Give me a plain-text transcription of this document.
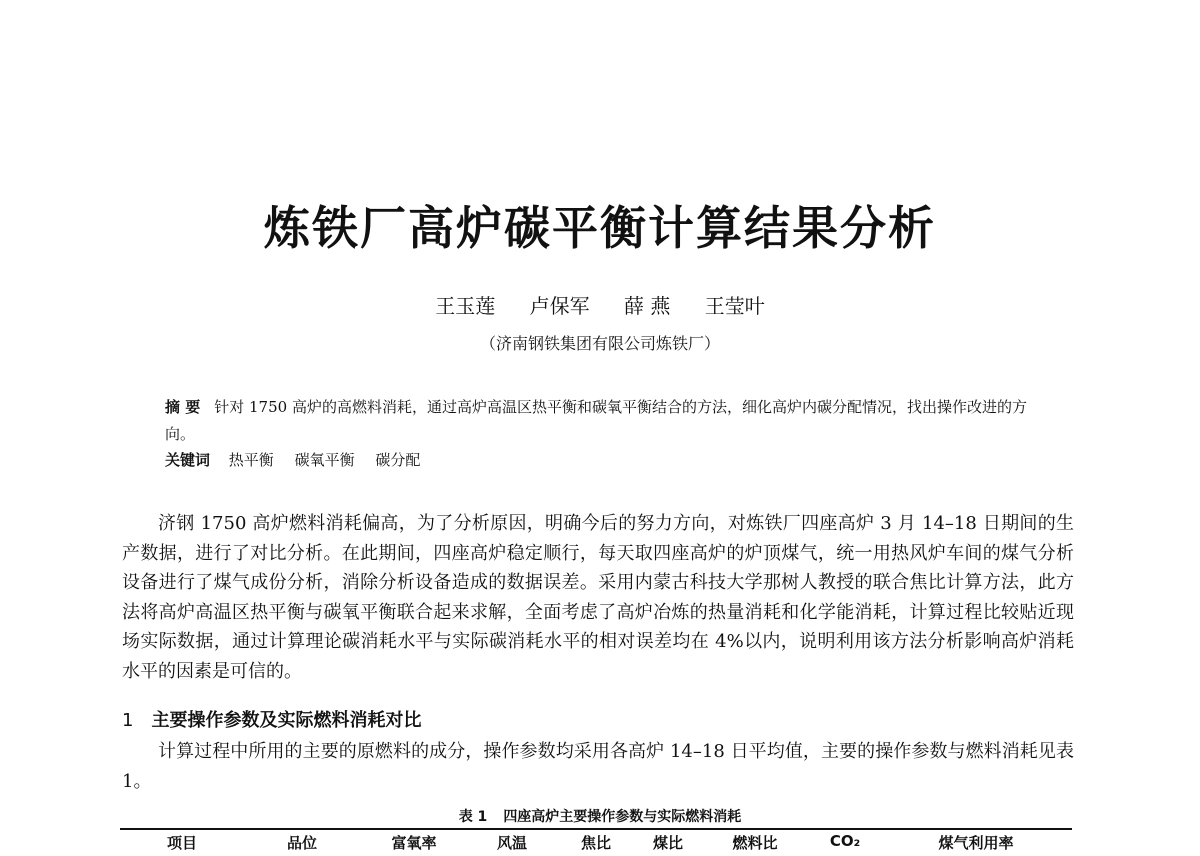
炼铁厂高炉碳平衡计算结果分析
王玉莲 卢保军 薛 燕 王莹叶
（济南钢铁集团有限公司炼铁厂）
摘 要 针对 1750 高炉的高燃料消耗，通过高炉高温区热平衡和碳氧平衡结合的方法，细化高炉内碳分配情况，找出操作改进的方向。
关键词 热平衡 碳氧平衡 碳分配

济钢 1750 高炉燃料消耗偏高，为了分析原因，明确今后的努力方向，对炼铁厂四座高炉 3 月 14–18 日期间的生产数据，进行了对比分析。在此期间，四座高炉稳定顺行，每天取四座高炉的炉顶煤气，统一用热风炉车间的煤气分析设备进行了煤气成份分析，消除分析设备造成的数据误差。采用内蒙古科技大学那树人教授的联合焦比计算方法，此方法将高炉高温区热平衡与碳氧平衡联合起来求解，全面考虑了高炉冶炼的热量消耗和化学能消耗，计算过程比较贴近现场实际数据，通过计算理论碳消耗水平与实际碳消耗水平的相对误差均在 4%以内，说明利用该方法分析影响高炉消耗水平的因素是可信的。

1 主要操作参数及实际燃料消耗对比

计算过程中所用的主要的原燃料的成分，操作参数均采用各高炉 14–18 日平均值，主要的操作参数与燃料消耗见表 1。

表 1 四座高炉主要操作参数与实际燃料消耗
项目	品位	富氧率	风温	焦比	煤比	燃料比	CO₂	煤气利用率
